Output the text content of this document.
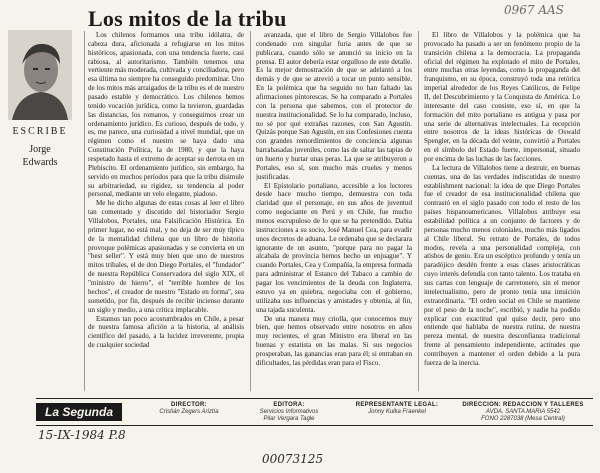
0967 AAS
Los mitos de la tribu
ESCRIBE
Jorge
Edwards

Los chilenos formamos una tribu idólatra, de cabeza dura, aficionada a refugiarse en los mitos históricos, apasionada, con una tendencia fuerte, casi rabiosa, al autoritarismo. También tenemos una vertiente más moderada, cultivada y conciliadora, pero esa última no siempre ha conseguido predominar. Uno de los mitos más arraigados de la tribu es el de nuestro pasado estable y democrático. Los chilenos hemos tenido vocación jurídica, como la tuvieron, guardadas las distancias, los romanos, y conseguimos crear un ordenamiento jurídico. Es curioso, después de todo, y es, me parece, una curiosidad a nivel mundial, que un régimen como el nuestro se haya dado una Constitución Política, la de 1980, y que la haya respetado hasta el extremo de aceptar su derrota en un Plebiscito. El ordenamiento jurídico, sin embargo, ha servido en muchos períodos para que la tribu disimule su arbitrariedad, su rigidez, su tendencia al poder personal, mediante un velo elegante, piadoso.

Me he dicho algunas de estas cosas al leer el libro tan comentado y discutido del historiador Sergio Villalobos, Portales, una Falsificación Histórica. En primer lugar, no está mal, y no deja de ser muy típico de la mentalidad chilena que un libro de historia provoque polémicas apasionadas y se convierta en un "best seller". Y está muy bien que uno de nuestros mitos tribales, el de don Diego Portales, el "fundador" de nuestra República Conservadora del siglo XIX, el "ministro de hierro", el "terrible hombre de los hechos", el creador de nuestro "Estado en forma", sea sometido, por fin, después de recibir incienso durante un siglo y medio, a una crítica implacable.

Estamos tan poco acostumbrados en Chile, a pesar de nuestra famosa afición a la historia, al análisis científico del pasado, a la lucidez irreverente, propia de cualquier sociedad

avanzada, que el libro de Sergio Villalobos fue condenado con singular furia antes de que se publicara, cuando sólo se anunció su inicio en la prensa. El autor debería estar orgulloso de este detalle. Es la mejor demostración de que se adelantó a los demás y de que se atrevió a tocar un punto sensible. En la polémica que ha seguido no han faltado las afirmaciones pintorescas. Se ha comparado a Portales con la persona que sabemos, con el protector de nuestra institucionalidad. Se lo ha comparado, incluso, no sé por qué extrañas razones, con San Agustín. Quizás porque San Agustín, en sus Confesiones cuenta con grandes remordimientos de conciencia algunas barrabasadas juveniles, como las de saltar las tapias de un huerto y hurtar unas peras. La que se atribuyeron a Portales, eso sí, son mucho más crueles y menos justificadas.

El Epistolario portaliano, accesible a los lectores desde hace mucho tiempo, demuestra con toda claridad que el personaje, en sus años de juventud como negociante en Perú y en Chile, fue mucho menos escrupuloso de lo que se ha pretendido. Dabia instrucciones a su socio, José Manuel Cea, para evadir unos decretos de aduana. Le ordenaba que se declarara ignorante de un asunto, "porque para no pagar la alcabala de provincia hemos hecho un enjuague". Y cuando Portales, Cea y Compañía, la empresa formada para administrar el Estanco del Tabaco a cambio de pagar los vencimientos de la deuda con Inglaterra, estuvo ya en quiebra, negociaba con el gobierno, utilizaba sus influencias y amistades y obtenía, al fin, una tajada suculenta.

De una manera muy criolla, que conocemos muy bien, que hemos observado entre nosotros en años muy recientes, el gran Ministro era liberal en las buenas y estatista en las malas. Si sus negocios prosperaban, las ganancias eran para él; si entraban en dificultades, las pérdidas eran para el Fisco.

El libro de Villalobos y la polémica que ha provocado ha pasado a ser un fenómeno propio de la transición chilena a la democracia. La propaganda oficial del régimen ha explotado el mito de Portales, entre muchas otras leyendas, como la propaganda del franquismo, en su época, construyó toda una retórica imperial alrededor de los Reyes Católicos, de Felipe II, del Descubrimiento y la Conquista de América. Lo interesante del caso consiste, eso sí, en que la formación del mito portaliano es antigua y pasa por una serie de alternativas intelectuales. La recepción entre nosotros de la ideas históricas de Oswald Spengler, en la década del veinte, convirtió a Portales en el símbolo del Estado fuerte, impersonal, situado por encima de las luchas de las facciones.

La lectura de Villalobos tiene a destruir, en buenas cuentas, una de las verdades indiscutidas de nuestro establishment nacional: la idea de que Diego Portales fue el creador de esa institucionalidad chilena que contrastó en el siglo pasado con todo el resto de los países hispanoamericanos. Villalobos atribuye esa estabilidad política a un conjunto de factores y de personas mucho menos coloniales, mucho más ligados al Chile liberal. Su retrato de Portales, de todos modos, revela a una personalidad compleja, con atisbos de genio. Era un escéptico profundo y tenía un paradójico desdén frente a esas clases aristocráticas cuyo interés defendía con tanto talento. Los trataba en sus cartas con lenguaje de carretonero, sin el menor intelectualismo, pero de pronto tenía una intuición extraordinaria. "El orden social en Chile se mantiene por el peso de la noche", escribió, y nadie ha podido explicar con exactitud qué quiso decir, pero uno entiende que hablaba de nuestra rutina, de nuestra pereza mental, de nuestra desconfianza tradicional frente al pensamiento independiente, actitudes que contribuyen a mantener el orden debido a la pura fuerza de la inercia.

La Segunda	DIRECTOR:
Cristián Zegers Ariztía
EDITORA:
Servicios Informativos
Pilar Vergara Tagle
REPRESENTANTE LEGAL:
Jonny Kulka Fraenkel
DIRECCION: REDACCION Y TALLERES
AVDA. SANTA MARIA 5542
FONO 2287038 (Mesa Central)
15-IX-1984 P.8
00073125
